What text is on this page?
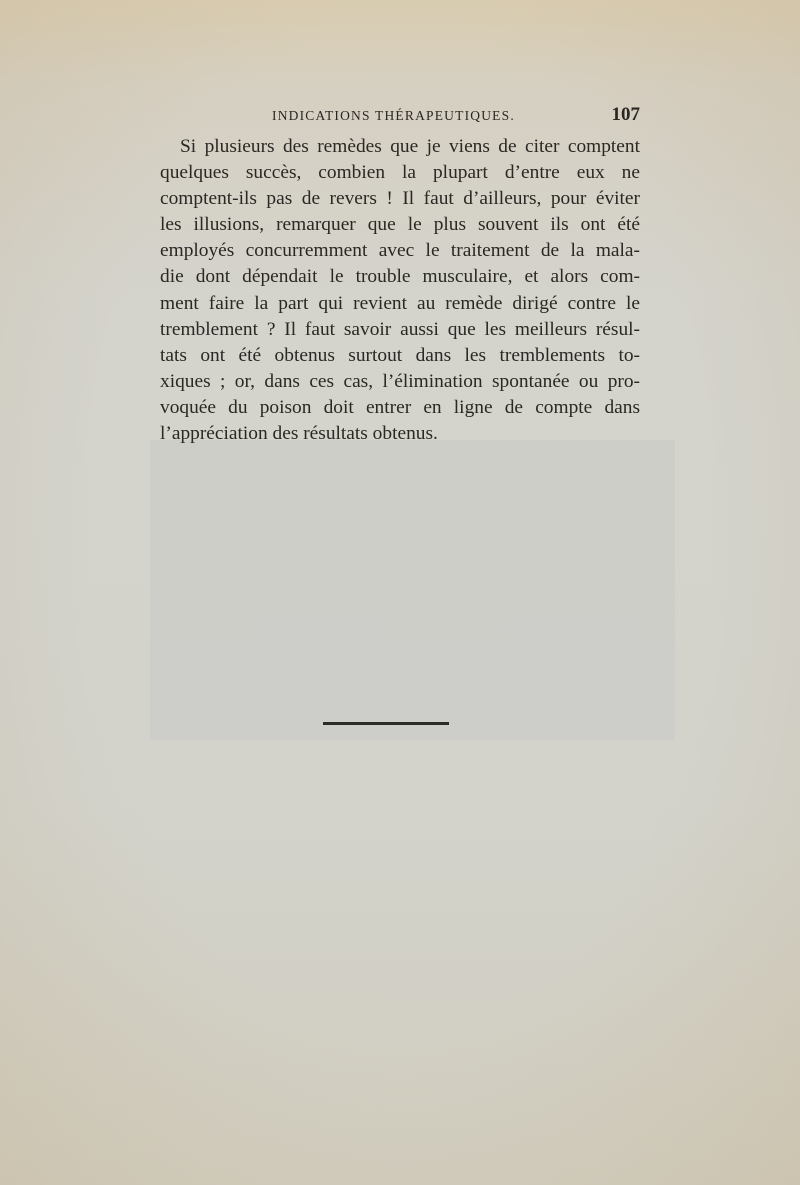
INDICATIONS THÉRAPEUTIQUES.	107
Si plusieurs des remèdes que je viens de citer comptent
quelques succès, combien la plupart d’entre eux ne
comptent-ils pas de revers ! Il faut d’ailleurs, pour éviter
les illusions, remarquer que le plus souvent ils ont été
employés concurremment avec le traitement de la mala-
die dont dépendait le trouble musculaire, et alors com-
ment faire la part qui revient au remède dirigé contre le
tremblement ? Il faut savoir aussi que les meilleurs résul-
tats ont été obtenus surtout dans les tremblements to-
xiques ; or, dans ces cas, l’élimination spontanée ou pro-
voquée du poison doit entrer en ligne de compte dans
l’appréciation des résultats obtenus.
